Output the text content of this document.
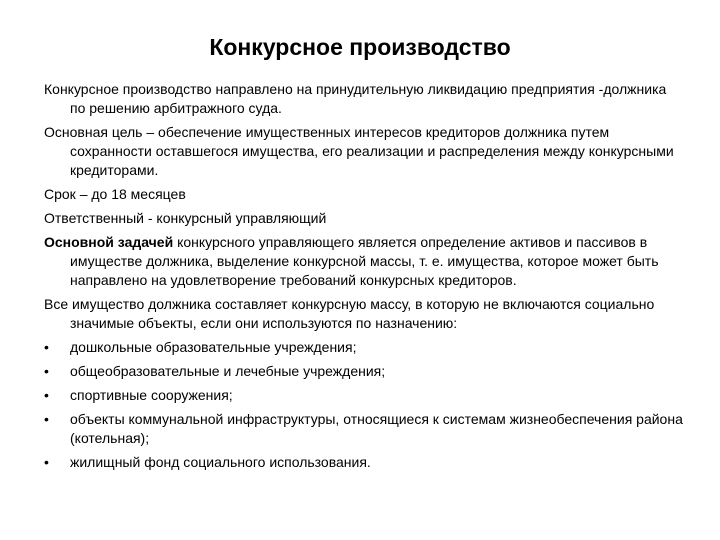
Конкурсное производство

Конкурсное производство направлено на принудительную ликвидацию предприятия -должника по решению арбитражного суда.

Основная цель – обеспечение имущественных интересов кредиторов должника путем сохранности оставшегося имущества, его реализации и распределения между конкурсными кредиторами.

Срок – до 18 месяцев

Ответственный - конкурсный управляющий

Основной задачей конкурсного управляющего является определение активов и пассивов в имуществе должника, выделение конкурсной массы, т. е. имущества, которое может быть направлено на удовлетворение требований конкурсных кредиторов.

Все имущество должника составляет конкурсную массу, в которую не включаются социально значимые объекты, если они используются по назначению:

• дошкольные образовательные учреждения;
• общеобразовательные и лечебные учреждения;
• спортивные сооружения;
• объекты коммунальной инфраструктуры, относящиеся к системам жизнеобеспечения района (котельная);
• жилищный фонд социального использования.
